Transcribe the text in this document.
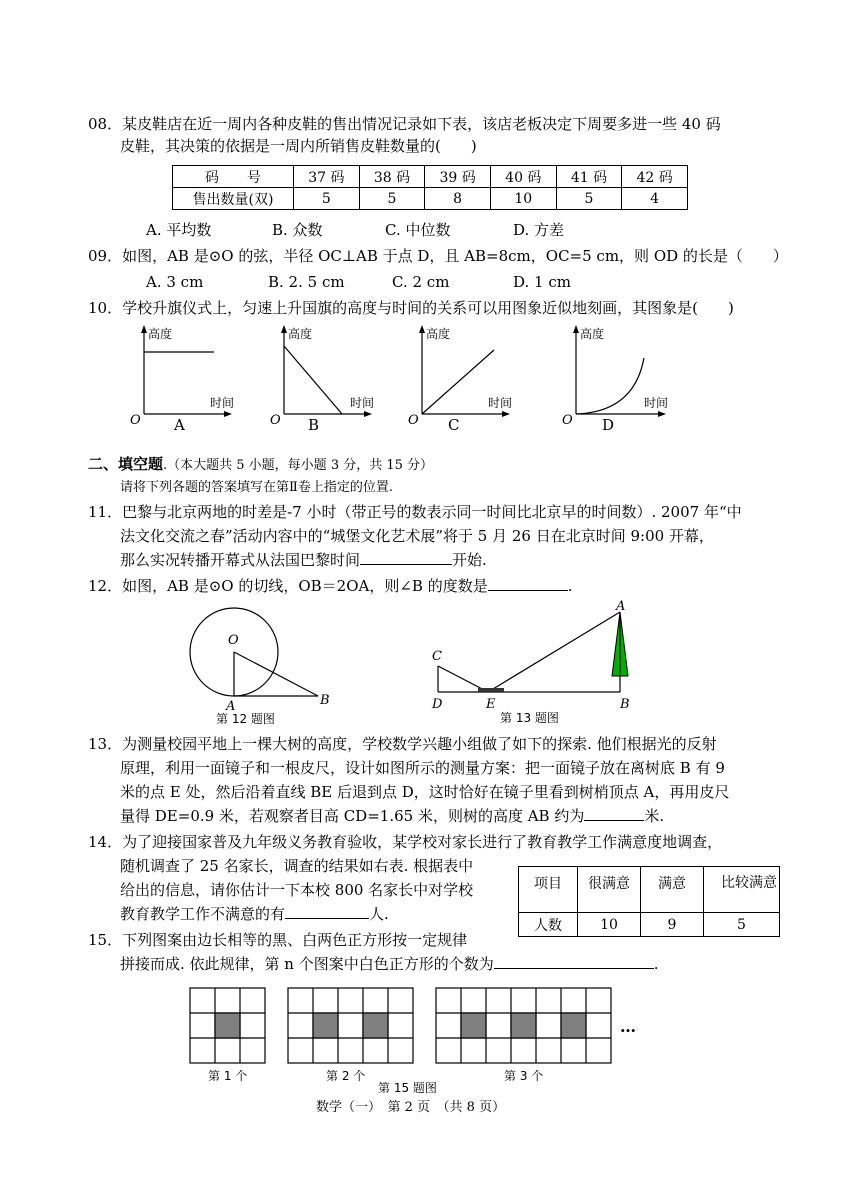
08．某皮鞋店在近一周内各种皮鞋的售出情况记录如下表，该店老板决定下周要多进一些 40 码
皮鞋，其决策的依据是一周内所销售皮鞋数量的(　　)
码　　号	37 码	38 码	39 码	40 码	41 码	42 码
售出数量(双)	5	5	8	10	5	4
A. 平均数	B. 众数	C. 中位数	D. 方差
09．如图，AB 是⊙O 的弦，半径 OC⊥AB 于点 D，且 AB=8cm，OC=5 cm，则 OD 的长是（　　）
A. 3 cm	B. 2. 5 cm	C. 2 cm	D. 1 cm
10．学校升旗仪式上，匀速上升国旗的高度与时间的关系可以用图象近似地刻画，其图象是(　　)
高度
时间
O A
高度
时间
O B
高度
时间
O C
高度
时间
O D
二、填空题.（本大题共 5 小题，每小题 3 分，共 15 分）
请将下列各题的答案填写在第Ⅱ卷上指定的位置.
11．巴黎与北京两地的时差是-7 小时（带正号的数表示同一时间比北京早的时间数）. 2007 年“中
法文化交流之春”活动内容中的“城堡文化艺术展”将于 5 月 26 日在北京时间 9:00 开幕，
那么实况转播开幕式从法国巴黎时间	开始.
12．如图，AB 是⊙O 的切线，OB＝2OA，则∠B 的度数是	.
O
A	B
第 12 题图
A
B
C
D	E
第 13 题图
13．为测量校园平地上一棵大树的高度，学校数学兴趣小组做了如下的探索. 他们根据光的反射
原理，利用一面镜子和一根皮尺，设计如图所示的测量方案：把一面镜子放在离树底 B 有 9
米的点 E 处，然后沿着直线 BE 后退到点 D，这时恰好在镜子里看到树梢顶点 A，再用皮尺
量得 DE=0.9 米，若观察者目高 CD=1.65 米，则树的高度 AB 约为	米.
14．为了迎接国家普及九年级义务教育验收，某学校对家长进行了教育教学工作满意度地调查，
随机调查了 25 名家长，调查的结果如右表. 根据表中
给出的信息，请你估计一下本校 800 名家长中对学校
教育教学工作不满意的有	人.
项目	很满意	满意	比较满意
人数	10	9	5
15．下列图案由边长相等的黑、白两色正方形按一定规律
拼接而成. 依此规律，第 n 个图案中白色正方形的个数为	.
…
第 1 个	第 2 个	第 3 个
第 15 题图
数学（一）　第 2 页　（共 8 页）
